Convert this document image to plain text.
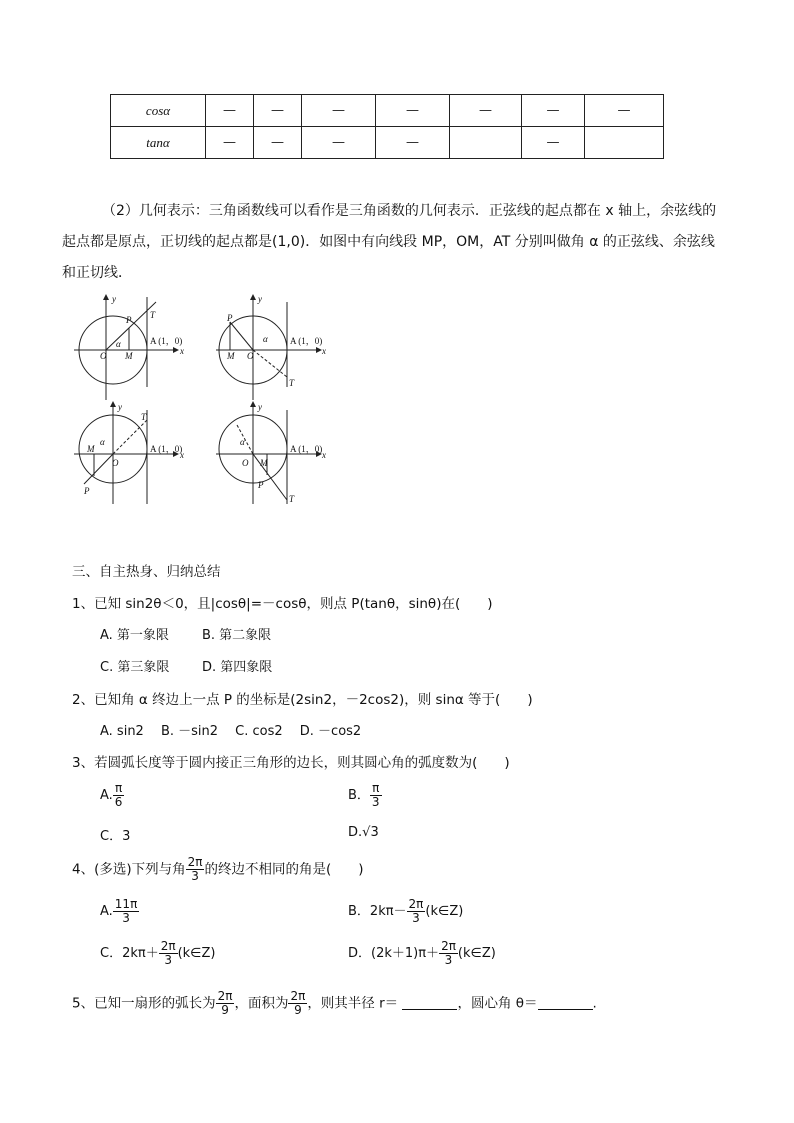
cosα	—	—	—	—	—	—	—
tanα	—	—	—	—		—	
（2）几何表示：三角函数线可以看作是三角函数的几何表示．正弦线的起点都在 x 轴上，余弦线的起点都是原点，正切线的起点都是(1,0)．如图中有向线段 MP，OM，AT 分别叫做角 α 的正弦线、余弦线和正切线．
x
y
O M
P T
A (1，0)
α
x
y
O
M
P
T
A (1，0)
α
x
y
O
M
P
T
A (1，0)
α
x
y
O M
P
T
A (1，0)
α
三、自主热身、归纳总结
1、已知 sin2θ＜0，且|cosθ|=－cosθ，则点 P(tanθ，sinθ)在(　　)
A. 第一象限	B. 第二象限
C. 第三象限	D. 第四象限
2、已知角 α 终边上一点 P 的坐标是(2sin2，－2cos2)，则 sinα 等于(　　)
A. sin2　 B. －sin2　 C. cos2　 D. －cos2
3、若圆弧长度等于圆内接正三角形的边长，则其圆心角的弧度数为(　　)
A. $\frac{\pi}{6}$	B． $\frac{\pi}{3}$
C．3	D.√3
4、(多选)下列与角 $\frac{2\pi}{3}$ 的终边不相同的角是(　　)
A. $\frac{11\pi}{3}$	B．$2k\pi- \frac{2\pi}{3}$ (k∈Z)
C．$2k\pi+ \frac{2\pi}{3}$ (k∈Z)	D．$(2k+1)\pi+ \frac{2\pi}{3}$ (k∈Z)
5、已知一扇形的弧长为 $\frac{2\pi}{9}$ ，面积为 $\frac{2\pi}{9}$ ，则其半径 r＝	，圆心角 θ＝	.
